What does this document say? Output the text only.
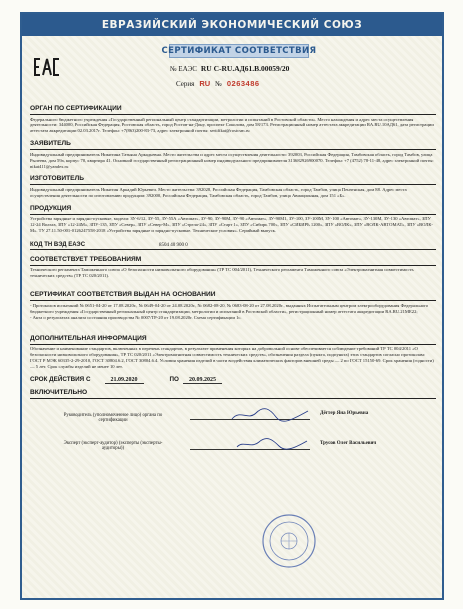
ЕВРАЗИЙСКИЙ ЭКОНОМИЧЕСКИЙ СОЮЗ
СЕРТИФИКАТ СООТВЕТСТВИЯ
№ ЕАЭС RU C-RU.АД61.В.00059/20
Серия RU № 0263486
ОРГАН ПО СЕРТИФИКАЦИИ
Федерального бюджетного учреждения «Государственный региональный центр стандартизации, метрологии и испытаний в Ростовской области». Место нахождения и адрес места осуществления деятельности: 344000, Российская Федерация, Ростовская область, город Ростов-на-Дону, проспект Соколова, дом 58/173. Регистрационный номер аттестата аккредитации RA.RU.10АД61, дата регистрации аттестата аккредитации 02.03.2017г. Телефон: +7(863)200-83-73, адрес электронной почты: sertifikat@rostcsm.ru
ЗАЯВИТЕЛЬ
Индивидуальный предприниматель Никитина Татьяна Аркадьевна. Место жительства и адрес места осуществления деятельности: 392003, Российская Федерация, Тамбовская область, город Тамбов, улица Рылеева, дом 59а, корпус 70, квартира 41. Основной государственный регистрационный номер индивидуального предпринимателя 313682926900070. Телефон: +7 (4752) 78-11-48, адрес электронной почты: nikat411@yandex.ru
ИЗГОТОВИТЕЛЬ
Индивидуальный предприниматель Никитин Аркадий Юрьевич. Место жительства: 392028, Российская Федерация, Тамбовская область, город Тамбов, улица Пензенская, дом 88. Адрес места осуществления деятельности по изготовлению продукции: 392000, Российская Федерация, Тамбовская область, город Тамбов, улица Авиационная, дом 151 «Б».
ПРОДУКЦИЯ
Устройства зарядные и зарядно-пусковые, модели: ЗУ-6/12, ЗУ-55, ЗУ-55А «Автомат», ЗУ-90, ЗУ-90М, ЗУ-90 «Автомат», ЗУ-90М1, ЗУ-100, ЗУ-100М, ЗУ-100 «Автомат», ЗУ-130М, ЗУ-130 «Автомат», ЗПУ 12-24 Вольта, ЗПУ «12-24М», ЗПУ-135, ЗПУ «Север», ЗПУ «Север-М», ЗПУ «Стрела-24», ЗПУ «Старт 1», ЗПУ «Сибирь 700», ЗПУ «СИБИРЬ 1200», ЗПУ «ВОЛК», ЗПУ «ВОЛК-АВТОМАТ», ЗПУ «ВОЛК-М». ТУ 27.11.50-001-0126247558-2018 «Устройства зарядные и зарядно-пусковые. Технические условия». Серийный выпуск.
КОД ТН ВЭД ЕАЭС	8504 40 900 0
СООТВЕТСТВУЕТ ТРЕБОВАНИЯМ
Технического регламента Таможенного союза «О безопасности низковольтного оборудования» (ТР ТС 004/2011), Технического регламента Таможенного союза «Электромагнитная совместимость технических средств» (ТР ТС 020/2011).
СЕРТИФИКАТ СООТВЕТСТВИЯ ВЫДАН НА ОСНОВАНИИ
- Протоколов испытаний № 0651-04-20 от 17.08.2020г., № 0649-04-20 от 24.08.2020г., № 0682-08-20, № 0683-08-20 от 27.08.2020г., выданных Испытательным центром электрооборудования Федерального бюджетного учреждения «Государственный региональный центр стандартизации, метрологии и испытаний в Ростовской области», регистрационный номер аттестата аккредитации RA.RU.21МЕ22;
- Акта о результатах анализа состояния производства № 0007/ТР-20 от 19.08.2020г. Схема сертификации 1с.
ДОПОЛНИТЕЛЬНАЯ ИНФОРМАЦИЯ
Обозначение и наименование стандартов, включенных в перечень стандартов, в результате применения которых на добровольной основе обеспечивается соблюдение требований ТР ТС 004/2011 «О безопасности низковольтного оборудования», ТР ТС 020/2011 «Электромагнитная совместимость технических средств», обозначения раздела (пункта, подпункта) этих стандартов согласно протоколам: ГОСТ Р МЭК 60335-2-29-2010, ГОСТ 30804.6.2, ГОСТ 30804.6.4. Условия хранения изделий в части воздействия климатических факторов внешней среды — 2 по ГОСТ 15150-69. Срок хранения (годности) — 5 лет. Срок службы изделий не менее 10 лет.
СРОК ДЕЙСТВИЯ С	21.09.2020	ПО	20.09.2025
ВКЛЮЧИТЕЛЬНО
Руководитель (уполномоченное лицо) органа по сертификации
Дёгтер Яна Юрьевна
Эксперт (эксперт-аудитор) (эксперты (эксперты-аудиторы))
Трусов Олег Васильевич
